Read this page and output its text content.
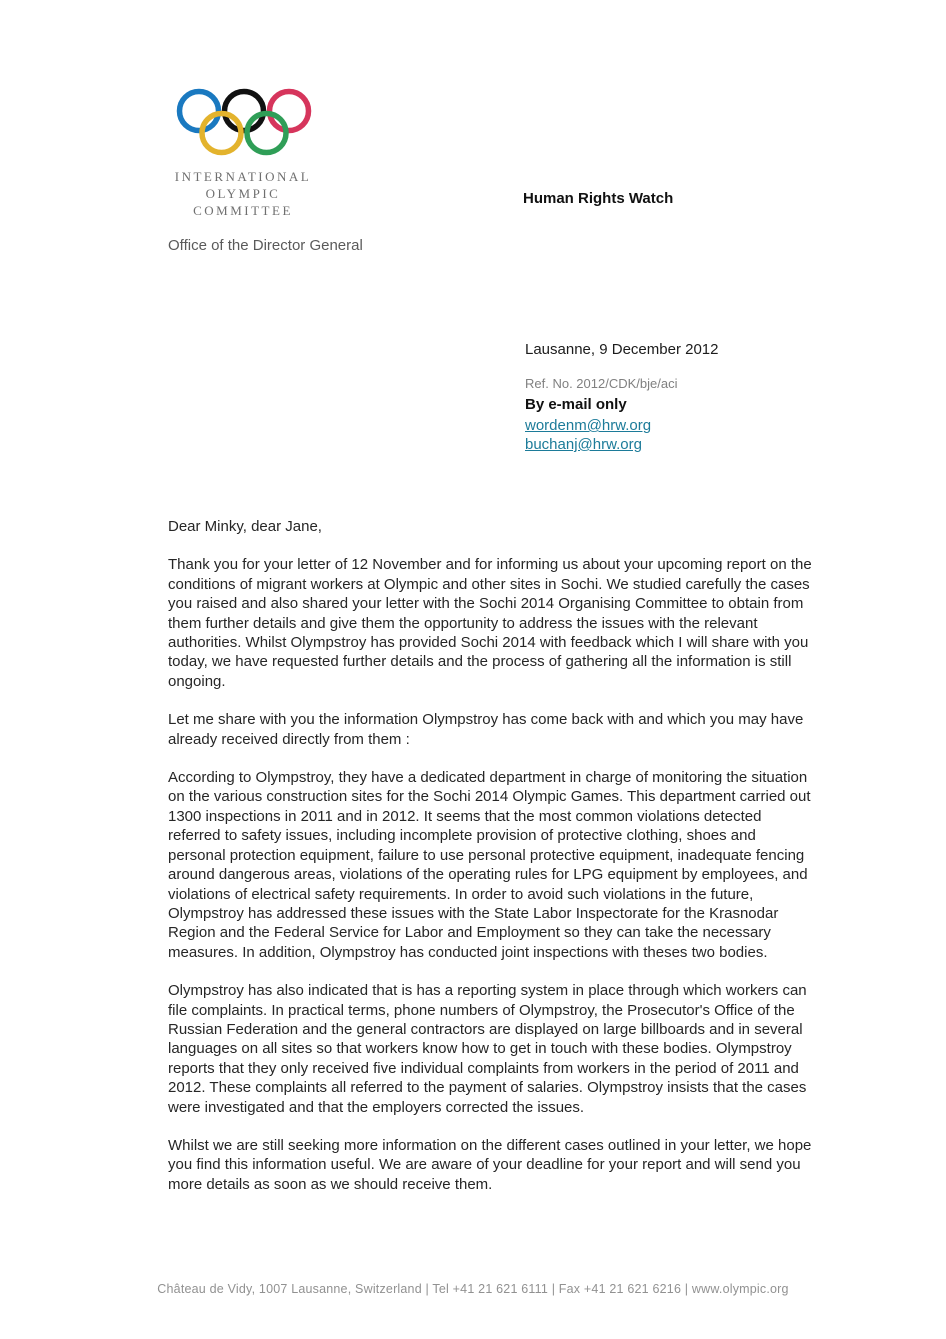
INTERNATIONAL
OLYMPIC
COMMITTEE
Office of the Director General
Human Rights Watch
Lausanne, 9 December 2012
Ref. No. 2012/CDK/bje/aci
By e-mail only
wordenm@hrw.org
buchanj@hrw.org

Dear Minky, dear Jane,

Thank you for your letter of 12 November and for informing us about your upcoming report on the conditions of migrant workers at Olympic and other sites in Sochi. We studied carefully the cases you raised and also shared your letter with the Sochi 2014 Organising Committee to obtain from them further details and give them the opportunity to address the issues with the relevant authorities. Whilst Olympstroy has provided Sochi 2014 with feedback which I will share with you today, we have requested further details and the process of gathering all the information is still ongoing.

Let me share with you the information Olympstroy has come back with and which you may have already received directly from them :

According to Olympstroy, they have a dedicated department in charge of monitoring the situation on the various construction sites for the Sochi 2014 Olympic Games. This department carried out 1300 inspections in 2011 and in 2012. It seems that the most common violations detected referred to safety issues, including incomplete provision of protective clothing, shoes and personal protection equipment, failure to use personal protective equipment, inadequate fencing around dangerous areas, violations of the operating rules for LPG equipment by employees, and violations of electrical safety requirements. In order to avoid such violations in the future, Olympstroy has addressed these issues with the State Labor Inspectorate for the Krasnodar Region and the Federal Service for Labor and Employment so they can take the necessary measures. In addition, Olympstroy has conducted joint inspections with theses two bodies.

Olympstroy has also indicated that is has a reporting system in place through which workers can file complaints. In practical terms, phone numbers of Olympstroy, the Prosecutor's Office of the Russian Federation and the general contractors are displayed on large billboards and in several languages on all sites so that workers know how to get in touch with these bodies. Olympstroy reports that they only received five individual complaints from workers in the period of 2011 and 2012. These complaints all referred to the payment of salaries. Olympstroy insists that the cases were investigated and that the employers corrected the issues.

Whilst we are still seeking more information on the different cases outlined in your letter, we hope you find this information useful. We are aware of your deadline for your report and will send you more details as soon as we should receive them.

Château de Vidy, 1007 Lausanne, Switzerland | Tel +41 21 621 6111 | Fax +41 21 621 6216 | www.olympic.org
